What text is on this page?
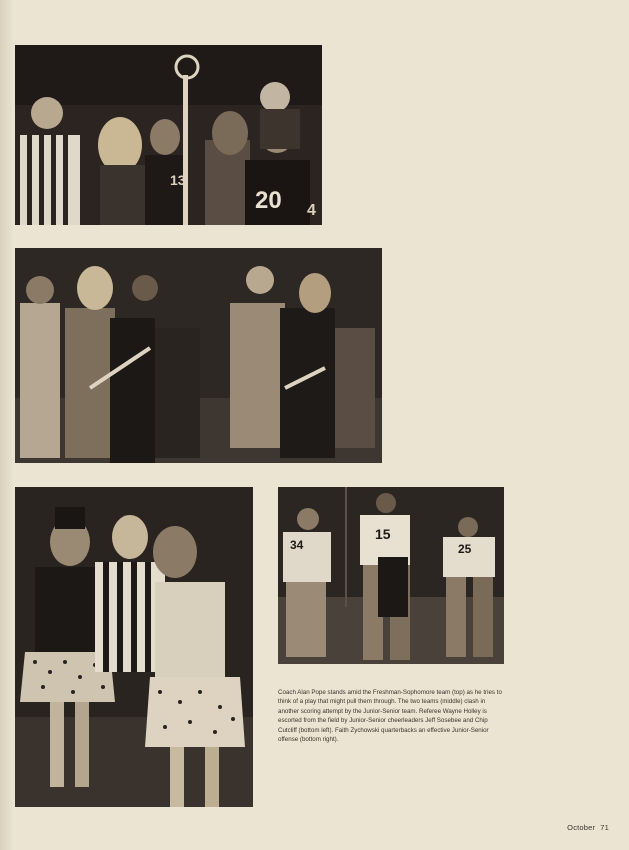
20
13
4
34
15
25

Coach Alan Pope stands amid the Freshman-Sophomore team (top) as he tries to think of a play that might pull them through. The two teams (middle) clash in another scoring attempt by the Junior-Senior team. Referee Wayne Holley is escorted from the field by Junior-Senior cheerleaders Jeff Sosebee and Chip Cutcliff (bottom left). Faith Zychowski quarterbacks an effective Junior-Senior offense (bottom right).

October 71
